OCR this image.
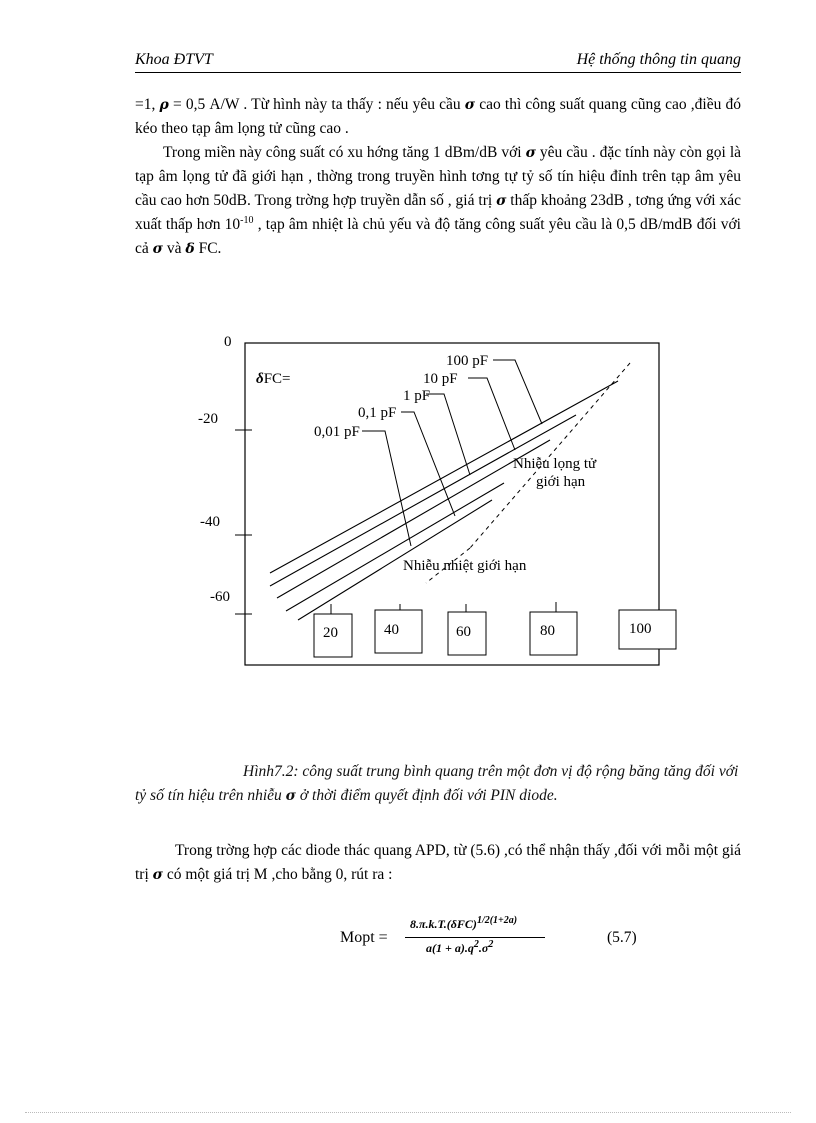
Khoa ĐTVT	Hệ thống thông tin quang
=1, ρ = 0,5 A/W . Từ hình này ta thấy : nếu yêu cầu σ cao thì công suất quang cũng cao ,điều đó kéo theo tạp âm lọng tử cũng cao .
Trong miền này công suất có xu hớng tăng 1 dBm/dB với σ yêu cầu . đặc tính này còn gọi là tạp âm lọng tử đã giới hạn , thờng trong truyền hình tơng tự tỷ số tín hiệu đỉnh trên tạp âm yêu cầu cao hơn 50dB. Trong trờng hợp truyền dẫn số , giá trị σ thấp khoảng 23dB , tơng ứng với xác xuất thấp hơn $10^{-10}$ , tạp âm nhiệt là chủ yếu và độ tăng công suất yêu cầu là 0,5 dB/mdB đối với cả σ và δ FC.
0
-20
-40
-60
20	40	60	80	100
δFC=
100 pF
10 pF
1 pF
0,1 pF
0,01 pF
Nhiễu lọng tử
giới hạn
Nhiễu nhiệt giới hạn
Hình7.2: công suất trung bình quang trên một đơn vị độ rộng băng tăng đối với tỷ số tín hiệu trên nhiễu σ ở thời điểm quyết định đối với PIN diode.
Trong trờng hợp các diode thác quang APD, từ (5.6) ,có thể nhận thấy ,đối với mỗi một giá trị σ có một giá trị M ,cho bằng 0, rút ra :
Mopt =
$8.\pi.k.T.(\delta FC)^{1/2(1+2a)}$
$a(1 + a).q^2.\sigma^2$	(5.7)
